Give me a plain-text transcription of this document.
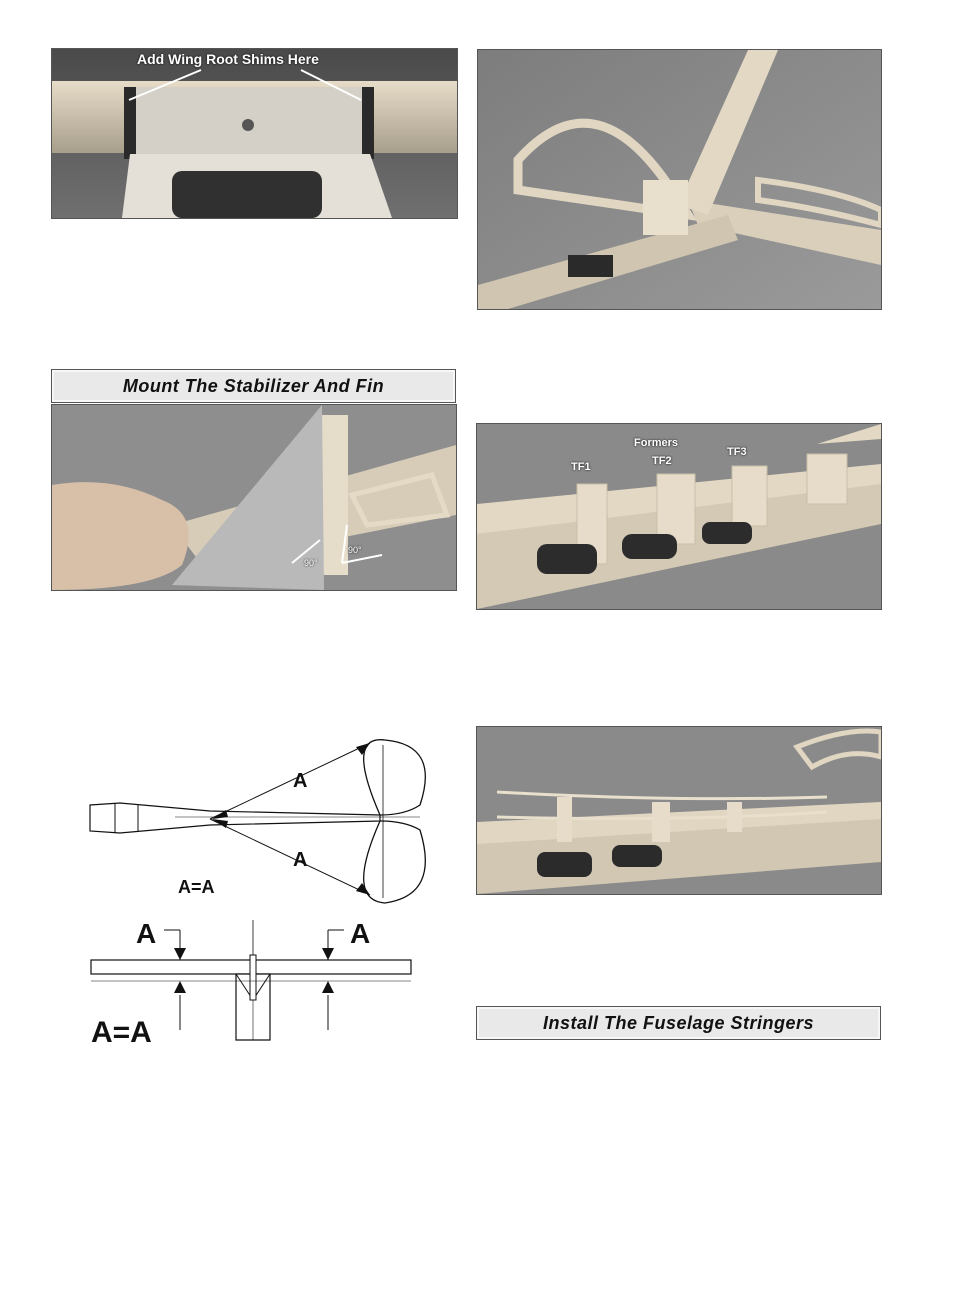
Add Wing Root Shims Here
Mount The Stabilizer And Fin
90°
90°
Formers
TF1	TF2
TF3
A
A
A=A
A	A
A=A	Install The Fuselage Stringers
